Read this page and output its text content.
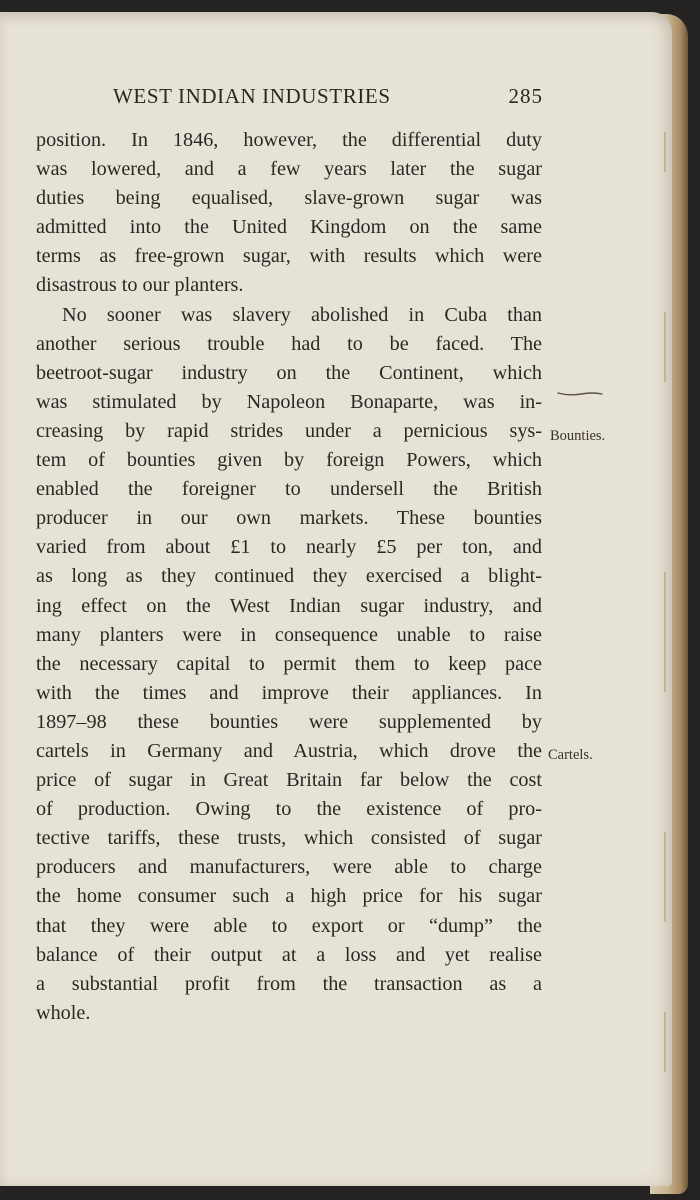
WEST INDIAN INDUSTRIES	285
position. In 1846, however, the differential duty
was lowered, and a few years later the sugar
duties being equalised, slave-grown sugar was
admitted into the United Kingdom on the same
terms as free-grown sugar, with results which were
disastrous to our planters.
No sooner was slavery abolished in Cuba than
another serious trouble had to be faced. The
beetroot-sugar industry on the Continent, which
was stimulated by Napoleon Bonaparte, was in-
creasing by rapid strides under a pernicious sys-
tem of bounties given by foreign Powers, which
enabled the foreigner to undersell the British
producer in our own markets. These bounties
varied from about £1 to nearly £5 per ton, and
as long as they continued they exercised a blight-
ing effect on the West Indian sugar industry, and
many planters were in consequence unable to raise
the necessary capital to permit them to keep pace
with the times and improve their appliances. In
1897–98 these bounties were supplemented by
cartels in Germany and Austria, which drove the
price of sugar in Great Britain far below the cost
of production. Owing to the existence of pro-
tective tariffs, these trusts, which consisted of sugar
producers and manufacturers, were able to charge
the home consumer such a high price for his sugar
that they were able to export or “dump” the
balance of their output at a loss and yet realise
a substantial profit from the transaction as a
whole.
Bounties.
Cartels.
